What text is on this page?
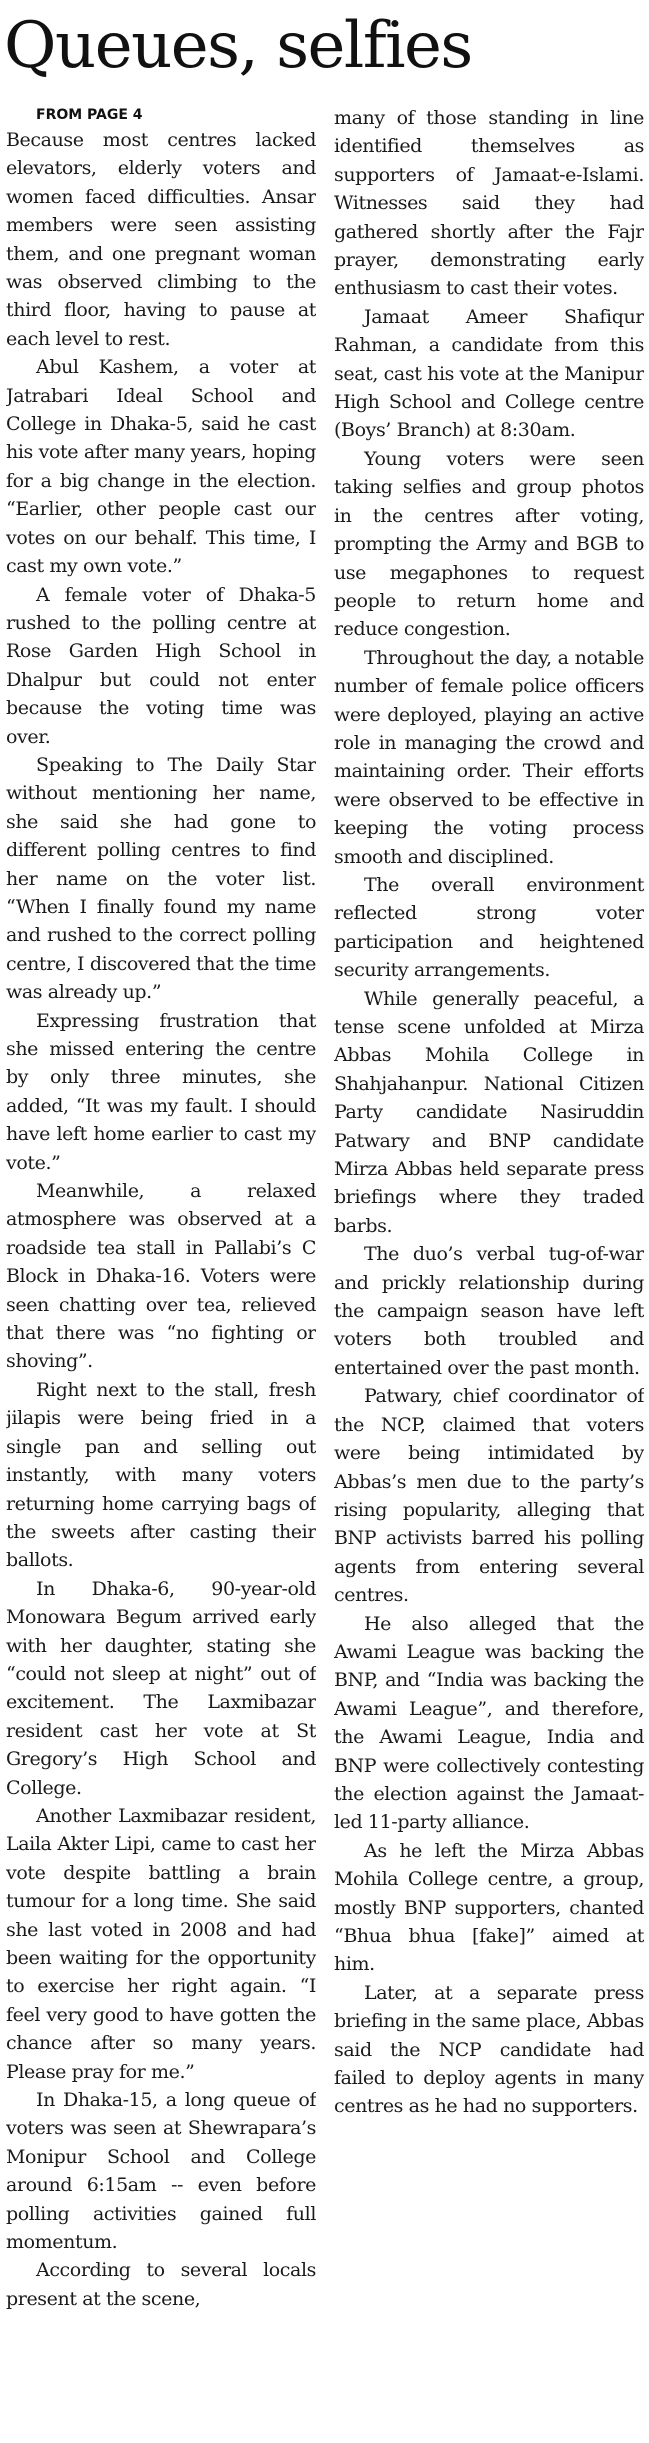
Queues, selfies

FROM PAGE 4

Because most centres lacked elevators, elderly voters and women faced difficulties. Ansar members were seen assisting them, and one pregnant woman was observed climbing to the third floor, having to pause at each level to rest.

Abul Kashem, a voter at Jatrabari Ideal School and College in Dhaka-5, said he cast his vote after many years, hoping for a big change in the election. “Earlier, other people cast our votes on our behalf. This time, I cast my own vote.”

A female voter of Dhaka-5 rushed to the polling centre at Rose Garden High School in Dhalpur but could not enter because the voting time was over.

Speaking to The Daily Star without mentioning her name, she said she had gone to different polling centres to find her name on the voter list. “When I finally found my name and rushed to the correct polling centre, I discovered that the time was already up.”

Expressing frustration that she missed entering the centre by only three minutes, she added, “It was my fault. I should have left home earlier to cast my vote.”

Meanwhile, a relaxed atmosphere was observed at a roadside tea stall in Pallabi’s C Block in Dhaka-16. Voters were seen chatting over tea, relieved that there was “no fighting or shoving”.

Right next to the stall, fresh jilapis were being fried in a single pan and selling out instantly, with many voters returning home carrying bags of the sweets after casting their ballots.

In Dhaka-6, 90-year-old Monowara Begum arrived early with her daughter, stating she “could not sleep at night” out of excitement. The Laxmibazar resident cast her vote at St Gregory’s High School and College.

Another Laxmibazar resident, Laila Akter Lipi, came to cast her vote despite battling a brain tumour for a long time. She said she last voted in 2008 and had been waiting for the opportunity to exercise her right again. “I feel very good to have gotten the chance after so many years. Please pray for me.”

In Dhaka-15, a long queue of voters was seen at Shewrapara’s Monipur School and College around 6:15am -- even before polling activities gained full momentum.

According to several locals present at the scene,

many of those standing in line identified themselves as supporters of Jamaat-e-Islami. Witnesses said they had gathered shortly after the Fajr prayer, demonstrating early enthusiasm to cast their votes.

Jamaat Ameer Shafiqur Rahman, a candidate from this seat, cast his vote at the Manipur High School and College centre (Boys’ Branch) at 8:30am.

Young voters were seen taking selfies and group photos in the centres after voting, prompting the Army and BGB to use megaphones to request people to return home and reduce congestion.

Throughout the day, a notable number of female police officers were deployed, playing an active role in managing the crowd and maintaining order. Their efforts were observed to be effective in keeping the voting process smooth and disciplined.

The overall environment reflected strong voter participation and heightened security arrangements.

While generally peaceful, a tense scene unfolded at Mirza Abbas Mohila College in Shahjahanpur. National Citizen Party candidate Nasiruddin Patwary and BNP candidate Mirza Abbas held separate press briefings where they traded barbs.

The duo’s verbal tug-of-war and prickly relationship during the campaign season have left voters both troubled and entertained over the past month.

Patwary, chief coordinator of the NCP, claimed that voters were being intimidated by Abbas’s men due to the party’s rising popularity, alleging that BNP activists barred his polling agents from entering several centres.

He also alleged that the Awami League was backing the BNP, and “India was backing the Awami League”, and therefore, the Awami League, India and BNP were collectively contesting the election against the Jamaat-led 11-party alliance.

As he left the Mirza Abbas Mohila College centre, a group, mostly BNP supporters, chanted “Bhua bhua [fake]” aimed at him.

Later, at a separate press briefing in the same place, Abbas said the NCP candidate had failed to deploy agents in many centres as he had no supporters.
